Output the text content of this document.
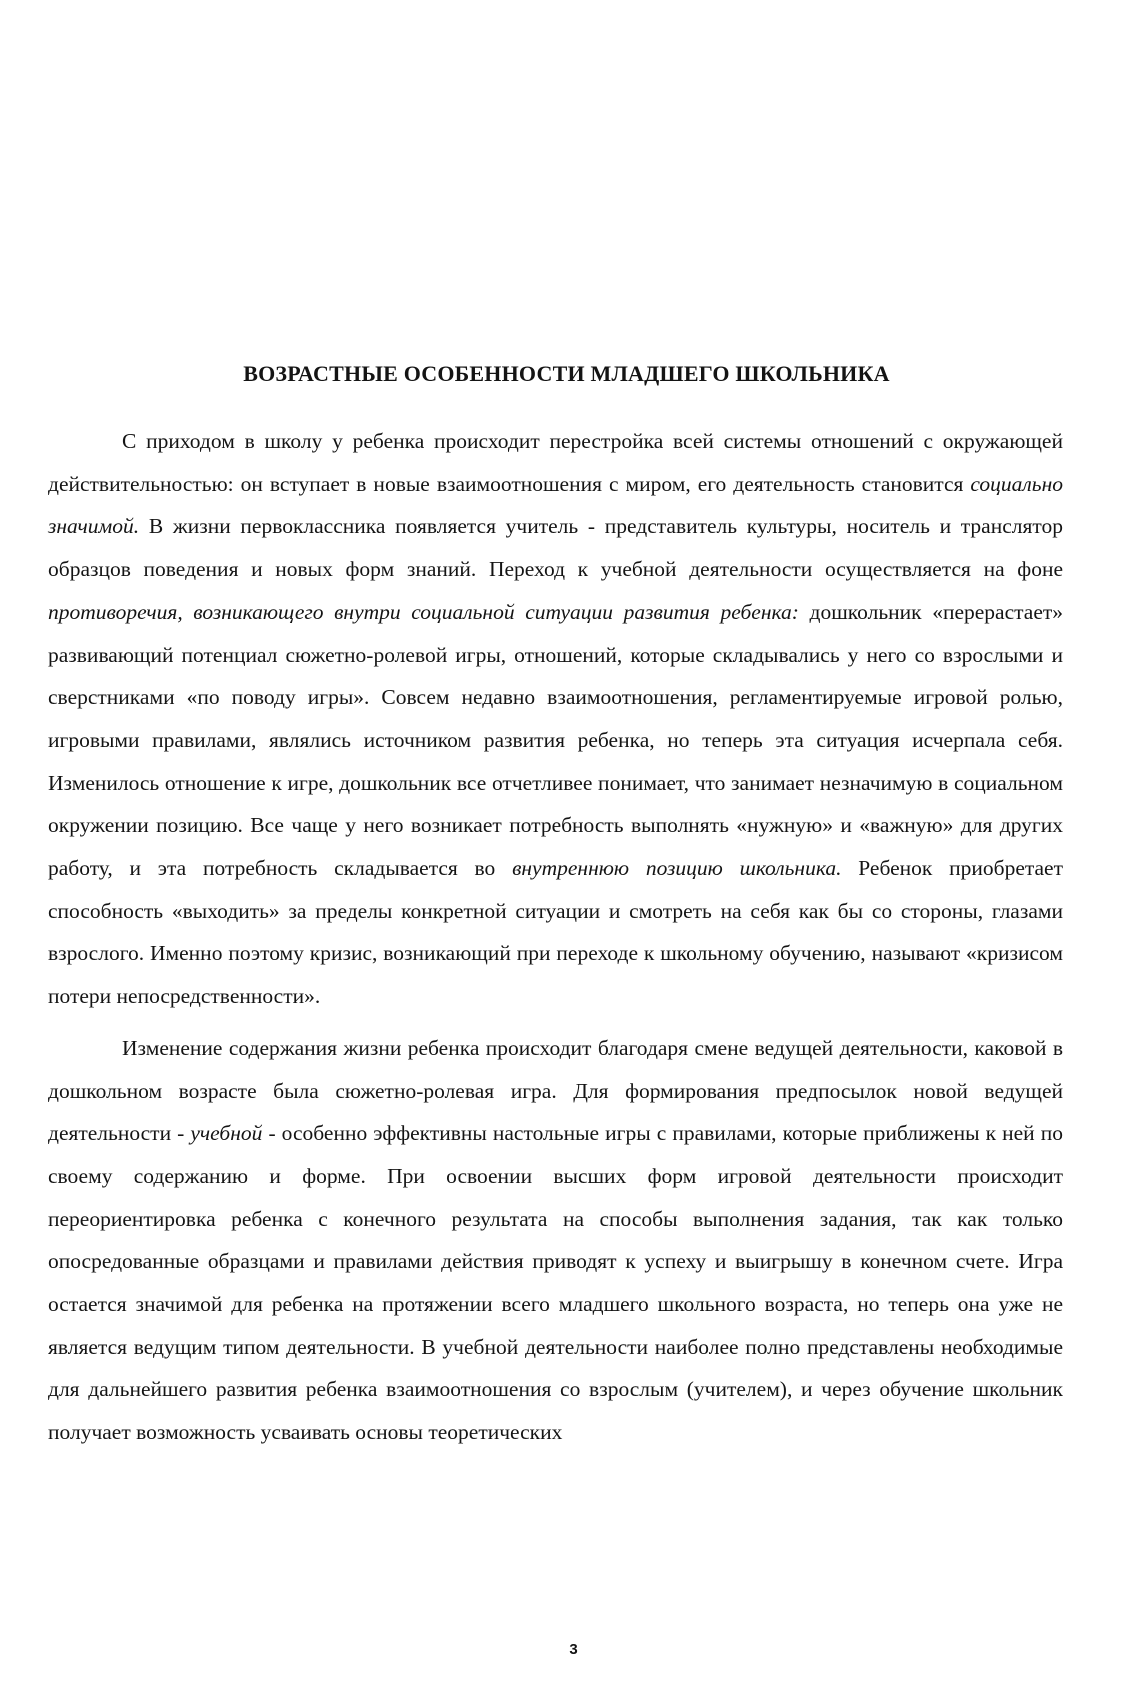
ВОЗРАСТНЫЕ ОСОБЕННОСТИ МЛАДШЕГО ШКОЛЬНИКА

С приходом в школу у ребенка происходит перестройка всей системы отношений с окружающей действительностью: он вступает в новые взаимоотношения с миром, его деятельность становится социально значимой. В жизни первоклассника появляется учитель - представитель культуры, носитель и транслятор образцов поведения и новых форм знаний. Переход к учебной деятельности осуществляется на фоне противоречия, возникающего внутри социальной ситуации развития ребенка: дошкольник «перерастает» развивающий потенциал сюжетно-ролевой игры, отношений, которые складывались у него со взрослыми и сверстниками «по поводу игры». Совсем недавно взаимоотношения, регламентируемые игровой ролью, игровыми правилами, являлись источником развития ребенка, но теперь эта ситуация исчерпала себя. Изменилось отношение к игре, дошкольник все отчетливее понимает, что занимает незначимую в социальном окружении позицию. Все чаще у него возникает потребность выполнять «нужную» и «важную» для других работу, и эта потребность складывается во внутреннюю позицию школьника. Ребенок приобретает способность «выходить» за пределы конкретной ситуации и смотреть на себя как бы со стороны, глазами взрослого. Именно поэтому кризис, возникающий при переходе к школьному обучению, называют «кризисом потери непосредственности».

Изменение содержания жизни ребенка происходит благодаря смене ведущей деятельности, каковой в дошкольном возрасте была сюжетно-ролевая игра. Для формирования предпосылок новой ведущей деятельности - учебной - особенно эффективны настольные игры с правилами, которые приближены к ней по своему содержанию и форме. При освоении высших форм игровой деятельности происходит переориентировка ребенка с конечного результата на способы выполнения задания, так как только опосредованные образцами и правилами действия приводят к успеху и выигрышу в конечном счете. Игра остается значимой для ребенка на протяжении всего младшего школьного возраста, но теперь она уже не является ведущим типом деятельности. В учебной деятельности наиболее полно представлены необходимые для дальнейшего развития ребенка взаимоотношения со взрослым (учителем), и через обучение школьник получает возможность усваивать основы теоретических

3
